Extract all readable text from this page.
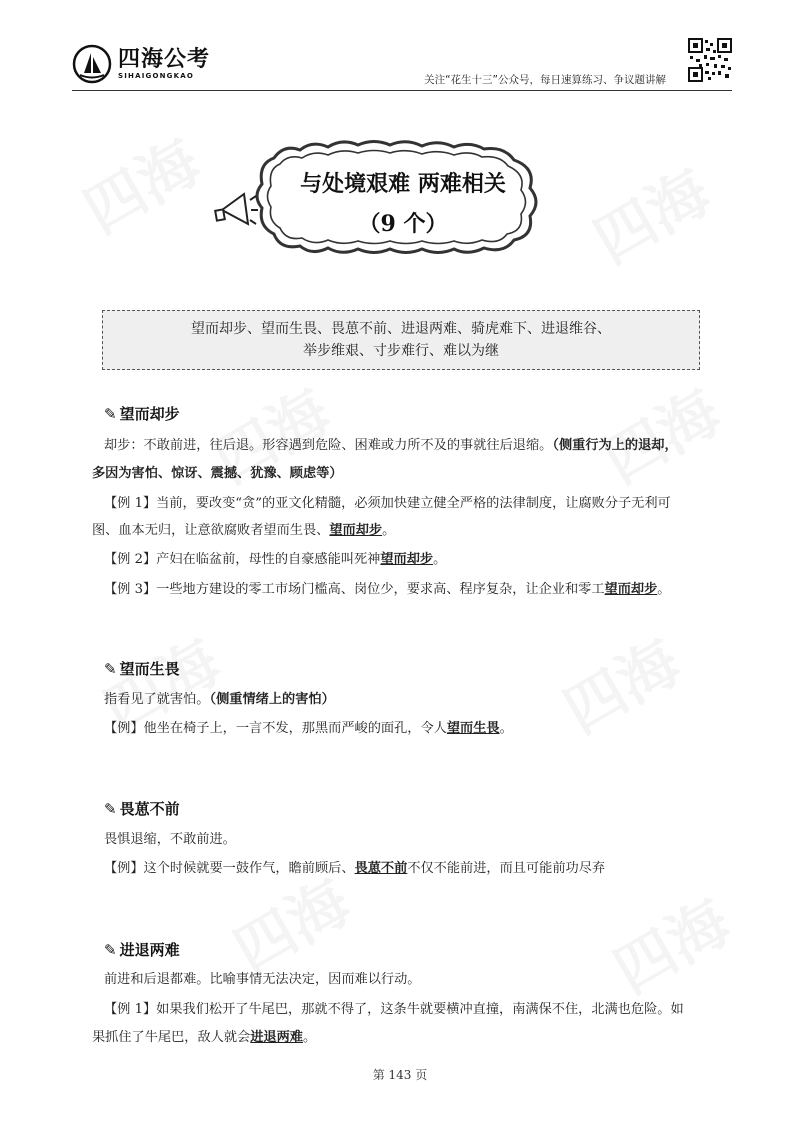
四海公考
SIHAIGONGKAO	关注“花生十三”公众号，每日速算练习、争议题讲解
与处境艰难 两难相关
（9 个）
望而却步、望而生畏、畏葸不前、进退两难、骑虎难下、进退维谷、
举步维艰、寸步难行、难以为继
✎ 望而却步
却步：不敢前进，往后退。形容遇到危险、困难或力所不及的事就往后退缩。（侧重行为上的退却，
多因为害怕、惊讶、震撼、犹豫、顾虑等）
【例 1】当前，要改变“贪”的亚文化精髓，必须加快建立健全严格的法律制度，让腐败分子无利可
图、血本无归，让意欲腐败者望而生畏、望而却步。
【例 2】产妇在临盆前，母性的自豪感能叫死神望而却步。
【例 3】一些地方建设的零工市场门槛高、岗位少，要求高、程序复杂，让企业和零工望而却步。
✎ 望而生畏
指看见了就害怕。（侧重情绪上的害怕）
【例】他坐在椅子上，一言不发，那黑而严峻的面孔，令人望而生畏。
✎ 畏葸不前
畏惧退缩，不敢前进。
【例】这个时候就要一鼓作气，瞻前顾后、畏葸不前不仅不能前进，而且可能前功尽弃
✎ 进退两难
前进和后退都难。比喻事情无法决定，因而难以行动。
【例 1】如果我们松开了牛尾巴，那就不得了，这条牛就要横冲直撞，南满保不住，北满也危险。如
果抓住了牛尾巴，敌人就会进退两难。
第 143 页
